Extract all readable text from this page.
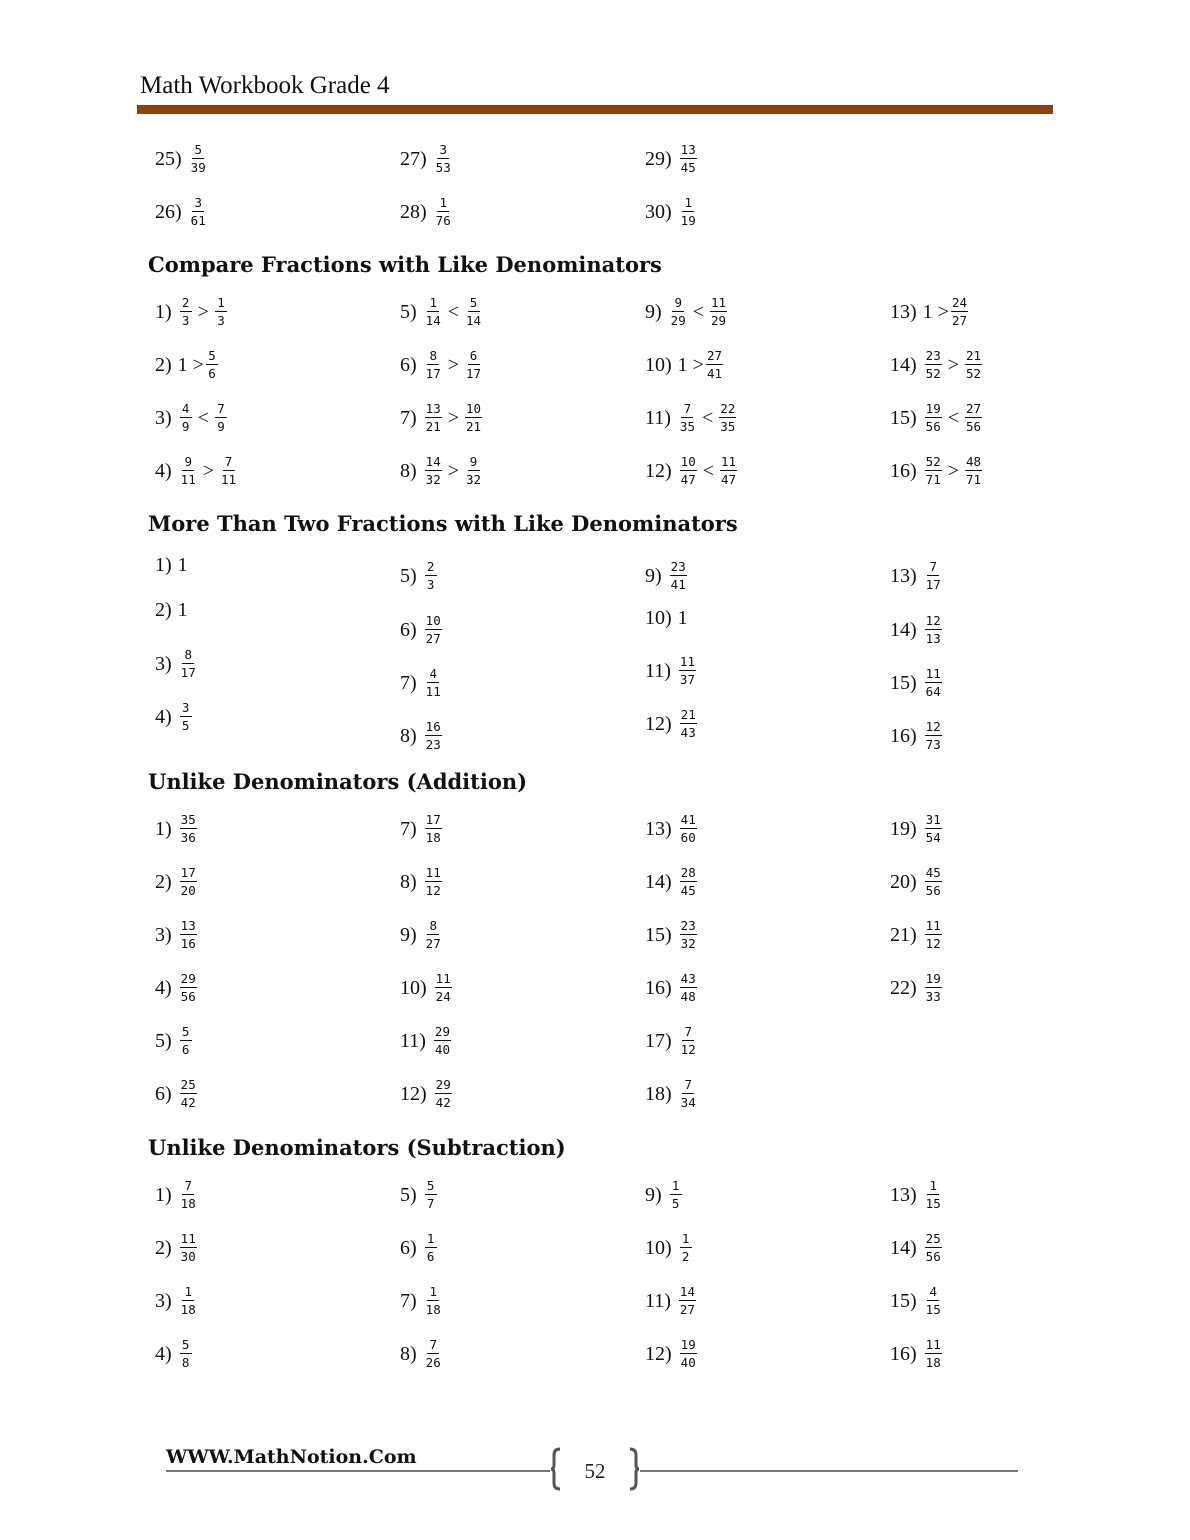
Math Workbook Grade 4
$25) \frac{5}{39}$
$26) \frac{3}{61}$
$27) \frac{3}{53}$
$28) \frac{1}{76}$
$29) \frac{13}{45}$
$30) \frac{1}{19}$
Compare Fractions with Like Denominators
$1) \frac{2}{3} > \frac{1}{3}$
2) $1 > \frac{5}{6}$
$3) \frac{4}{9} < \frac{7}{9}$
$4) \frac{9}{11} > \frac{7}{11}$
$5) \frac{1}{14} < \frac{5}{14}$
$6) \frac{8}{17} > \frac{6}{17}$
$7) \frac{13}{21} > \frac{10}{21}$
$8) \frac{14}{32} > \frac{9}{32}$
$9) \frac{9}{29} < \frac{11}{29}$
10) $1 > \frac{27}{41}$
$11) \frac{7}{35} < \frac{22}{35}$
$12) \frac{10}{47} < \frac{11}{47}$
13) $1 > \frac{24}{27}$
$14) \frac{23}{52} > \frac{21}{52}$
$15) \frac{19}{56} < \frac{27}{56}$
$16) \frac{52}{71} > \frac{48}{71}$
More Than Two Fractions with Like Denominators
1) 1
2) 1
$3) \frac{8}{17}$
$4) \frac{3}{5}$
$5) \frac{2}{3}$
$6) \frac{10}{27}$
$7) \frac{4}{11}$
$8) \frac{16}{23}$
$9) \frac{23}{41}$
10) 1
$11) \frac{11}{37}$
$12) \frac{21}{43}$
$13) \frac{7}{17}$
$14) \frac{12}{13}$
$15) \frac{11}{64}$
$16) \frac{12}{73}$
Unlike Denominators (Addition)
$1) \frac{35}{36}$
$2) \frac{17}{20}$
$3) \frac{13}{16}$
$4) \frac{29}{56}$
$5) \frac{5}{6}$
$6) \frac{25}{42}$
$7) \frac{17}{18}$
$8) \frac{11}{12}$
$9) \frac{8}{27}$
$10) \frac{11}{24}$
$11) \frac{29}{40}$
$12) \frac{29}{42}$
$13) \frac{41}{60}$
$14) \frac{28}{45}$
$15) \frac{23}{32}$
$16) \frac{43}{48}$
$17) \frac{7}{12}$
$18) \frac{7}{34}$
$19) \frac{31}{54}$
$20) \frac{45}{56}$
$21) \frac{11}{12}$
$22) \frac{19}{33}$
Unlike Denominators (Subtraction)
$1) \frac{7}{18}$
$2) \frac{11}{30}$
$3) \frac{1}{18}$
$4) \frac{5}{8}$
$5) \frac{5}{7}$
$6) \frac{1}{6}$
$7) \frac{1}{18}$
$8) \frac{7}{26}$
$9) \frac{1}{5}$
$10) \frac{1}{2}$
$11) \frac{14}{27}$
$12) \frac{19}{40}$
$13) \frac{1}{15}$
$14) \frac{25}{56}$
$15) \frac{4}{15}$
$16) \frac{11}{18}$
WWW.MathNotion.Com
52
